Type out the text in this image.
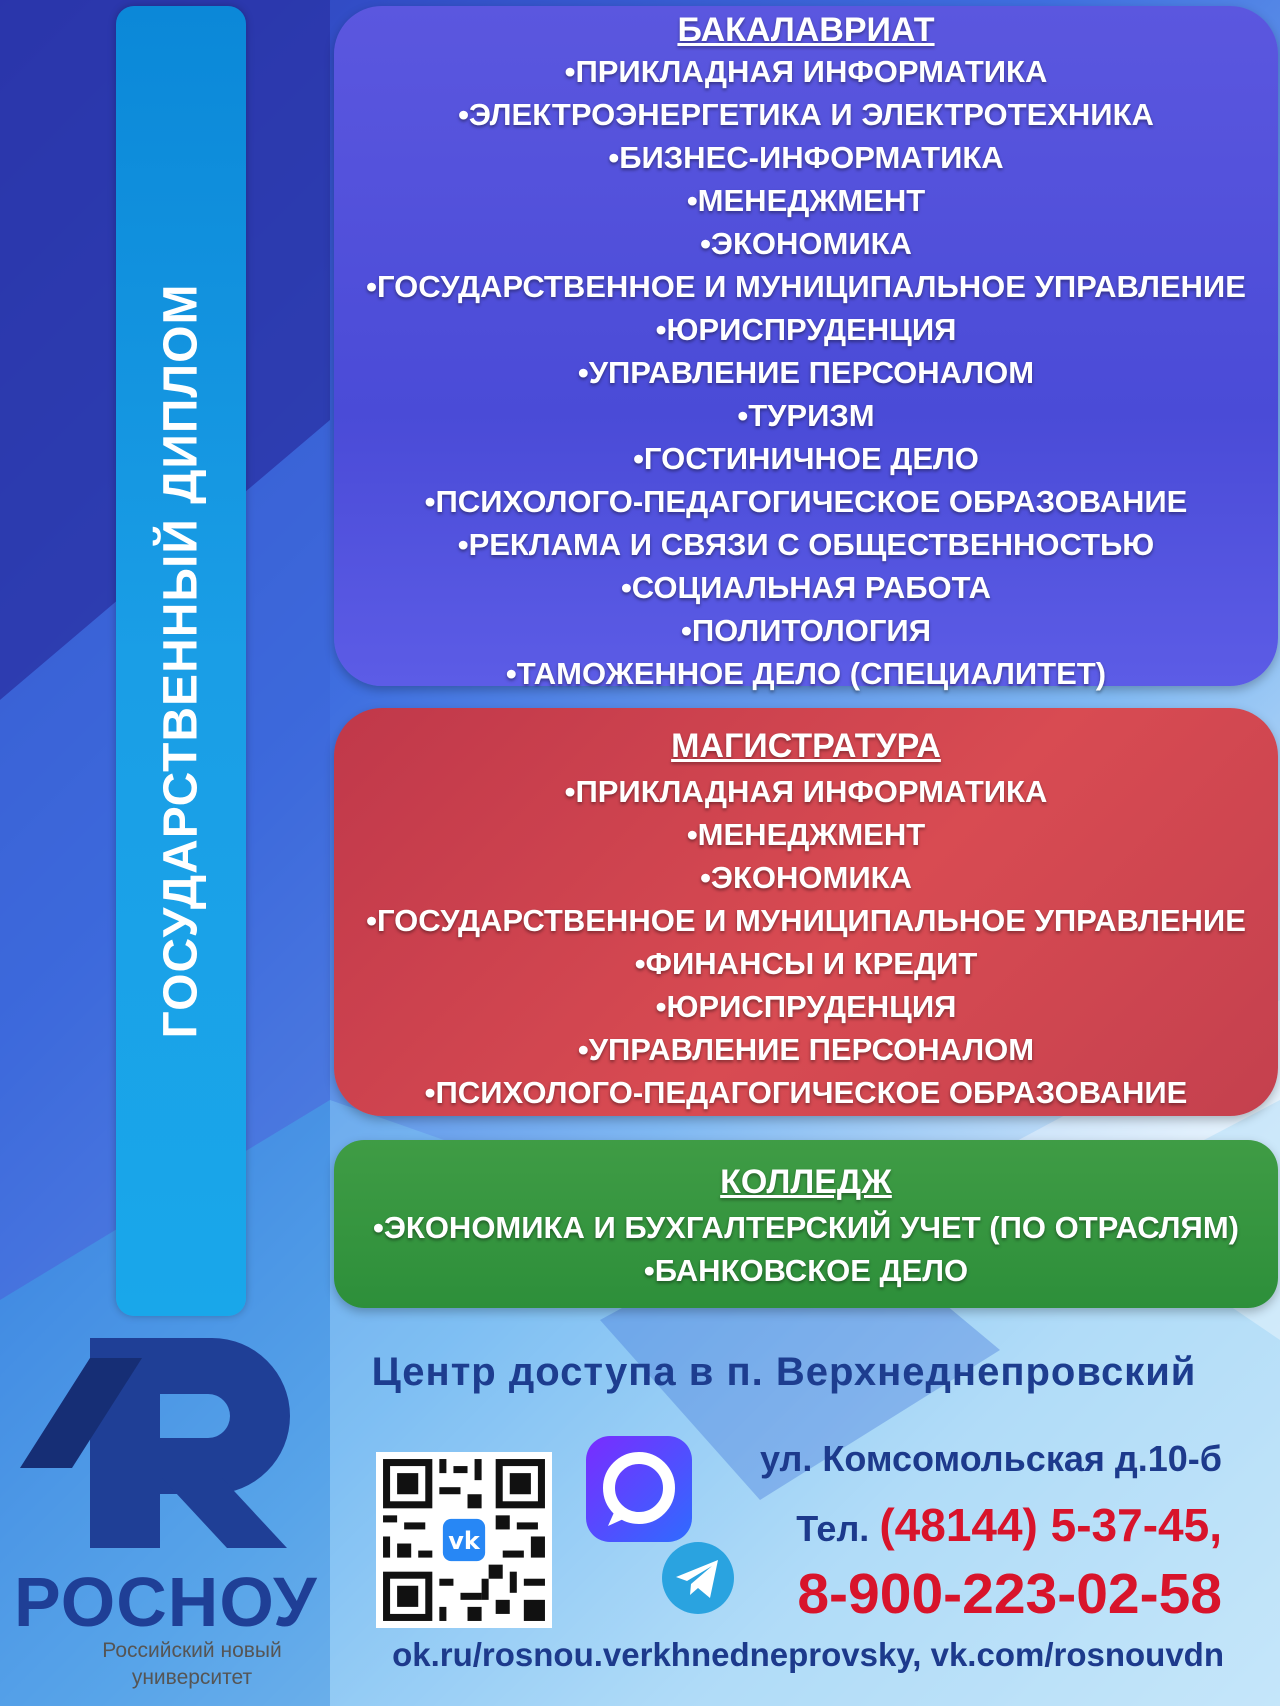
ГОСУДАРСТВЕННЫЙ ДИПЛОМ
БАКАЛАВРИАТ
•ПРИКЛАДНАЯ ИНФОРМАТИКА
•ЭЛЕКТРОЭНЕРГЕТИКА И ЭЛЕКТРОТЕХНИКА
•БИЗНЕС-ИНФОРМАТИКА
•МЕНЕДЖМЕНТ
•ЭКОНОМИКА
•ГОСУДАРСТВЕННОЕ И МУНИЦИПАЛЬНОЕ УПРАВЛЕНИЕ
•ЮРИСПРУДЕНЦИЯ
•УПРАВЛЕНИЕ ПЕРСОНАЛОМ
•ТУРИЗМ
•ГОСТИНИЧНОЕ ДЕЛО
•ПСИХОЛОГО-ПЕДАГОГИЧЕСКОЕ ОБРАЗОВАНИЕ
•РЕКЛАМА И СВЯЗИ С ОБЩЕСТВЕННОСТЬЮ
•СОЦИАЛЬНАЯ РАБОТА
•ПОЛИТОЛОГИЯ
•ТАМОЖЕННОЕ ДЕЛО (СПЕЦИАЛИТЕТ)
МАГИСТРАТУРА
•ПРИКЛАДНАЯ ИНФОРМАТИКА
•МЕНЕДЖМЕНТ
•ЭКОНОМИКА
•ГОСУДАРСТВЕННОЕ И МУНИЦИПАЛЬНОЕ УПРАВЛЕНИЕ
•ФИНАНСЫ И КРЕДИТ
•ЮРИСПРУДЕНЦИЯ
•УПРАВЛЕНИЕ ПЕРСОНАЛОМ
•ПСИХОЛОГО-ПЕДАГОГИЧЕСКОЕ ОБРАЗОВАНИЕ
КОЛЛЕДЖ
•ЭКОНОМИКА И БУХГАЛТЕРСКИЙ УЧЕТ (ПО ОТРАСЛЯМ)
•БАНКОВСКОЕ ДЕЛО
РОСНОУ
Российский новый
университет
Центр доступа в п. Верхнеднепровский
vk
ул. Комсомольская д.10-б
Тел. (48144) 5-37-45,
8-900-223-02-58
ok.ru/rosnou.verkhnedneprovsky, vk.com/rosnouvdn
